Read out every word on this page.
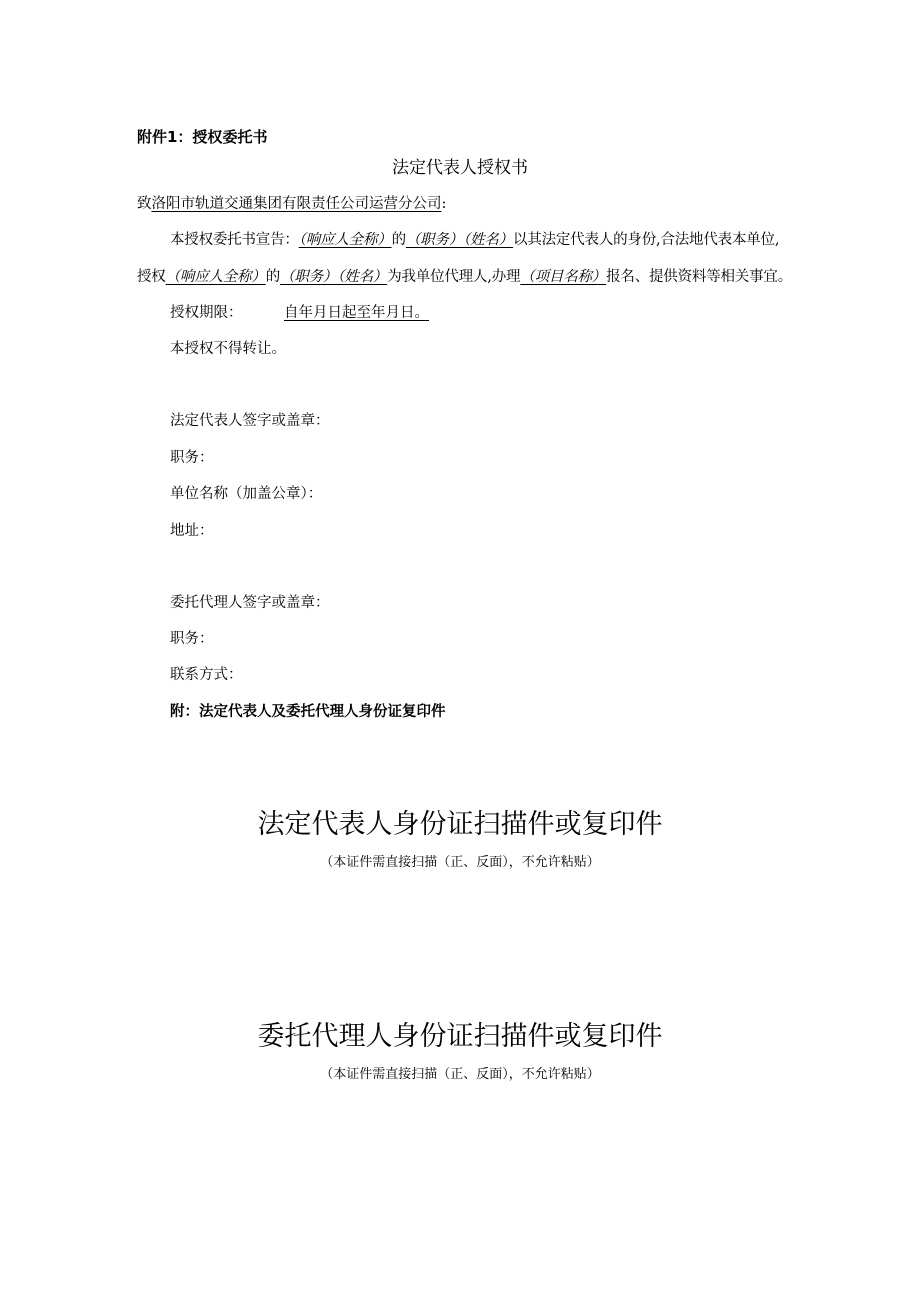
附件1：授权委托书
法定代表人授权书
致洛阳市轨道交通集团有限责任公司运营分公司:
本授权委托书宣告：（响应人全称）的（职务）（姓名）以其法定代表人的身份,合法地代表本单位,
授权（响应人全称）的（职务）（姓名）为我单位代理人,办理（项目名称）报名、提供资料等相关事宜。
授权期限：	自年月日起至年月日。
本授权不得转让。
法定代表人签字或盖章：
职务：
单位名称（加盖公章）：
地址：
委托代理人签字或盖章：
职务：
联系方式：
附：法定代表人及委托代理人身份证复印件
法定代表人身份证扫描件或复印件
（本证件需直接扫描（正、反面），不允许粘贴）
委托代理人身份证扫描件或复印件
（本证件需直接扫描（正、反面），不允许粘贴）
